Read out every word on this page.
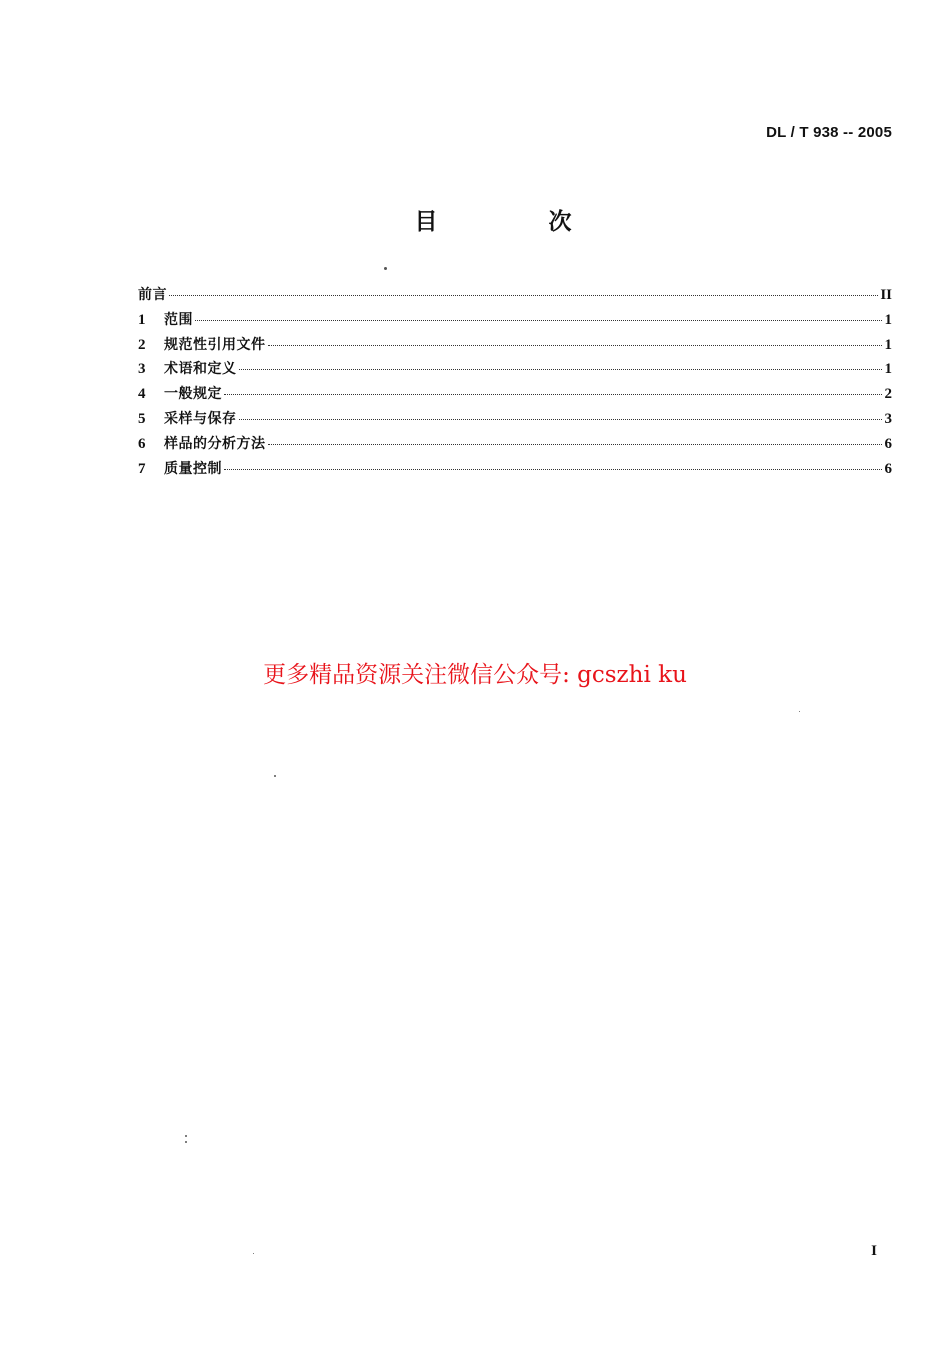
DL / T 938 -- 2005
目　次
前言	II
1	范围	1
2	规范性引用文件	1
3	术语和定义	1
4	一般规定	2
5	采样与保存	3
6	样品的分析方法	6
7	质量控制	6
更多精品资源关注微信公众号: gcszhi ku
I
